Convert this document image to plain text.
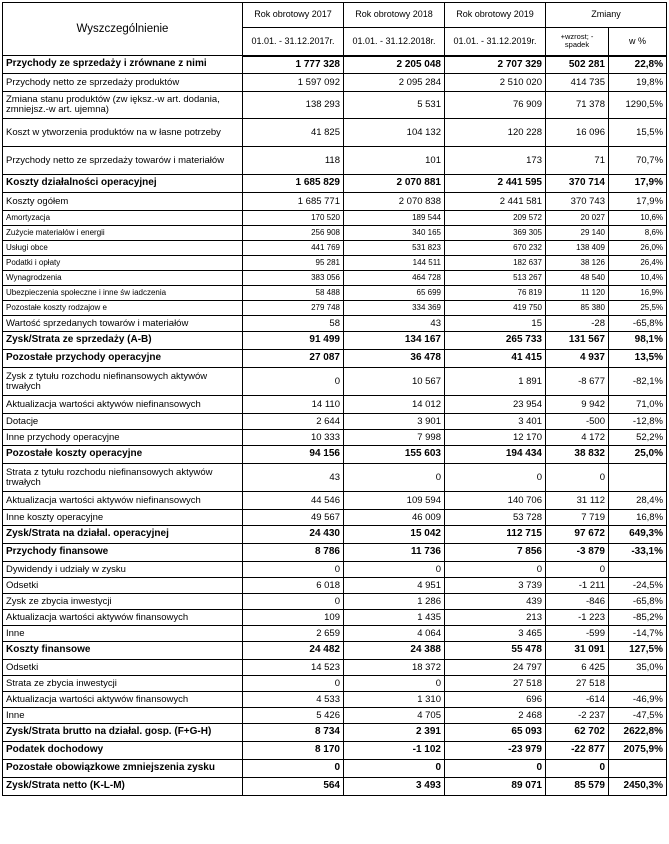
Wyszczególnienie	Rok obrotowy 2017	Rok obrotowy 2018	Rok obrotowy 2019	Zmiany	
	01.01. - 31.12.2017r.	01.01. - 31.12.2018r.	01.01. - 31.12.2019r.	+wzrost; -spadek	w %
Przychody ze sprzedaży i zrównane z nimi	1 777 328	2 205 048	2 707 329	502 281	22,8%
Przychody netto ze sprzedaży produktów	1 597 092	2 095 284	2 510 020	414 735	19,8%
Zmiana stanu produktów (zw iększ.-w art. dodania, zmniejsz.-w art. ujemna)	138 293	5 531	76 909	71 378	1290,5%
Koszt w ytworzenia produktów na w łasne potrzeby	41 825	104 132	120 228	16 096	15,5%
Przychody netto ze sprzedaży towarów i materiałów	118	101	173	71	70,7%
Koszty działalności operacyjnej	1 685 829	2 070 881	2 441 595	370 714	17,9%
Koszty ogółem	1 685 771	2 070 838	2 441 581	370 743	17,9%
Amortyzacja	170 520	189 544	209 572	20 027	10,6%
Zużycie materiałów i energii	256 908	340 165	369 305	29 140	8,6%
Usługi obce	441 769	531 823	670 232	138 409	26,0%
Podatki i opłaty	95 281	144 511	182 637	38 126	26,4%
Wynagrodzenia	383 056	464 728	513 267	48 540	10,4%
Ubezpieczenia społeczne i inne św iadczenia	58 488	65 699	76 819	11 120	16,9%
Pozostałe koszty rodzajow e	279 748	334 369	419 750	85 380	25,5%
Wartość sprzedanych towarów i materiałów	58	43	15	-28	-65,8%
Zysk/Strata ze sprzedaży (A-B)	91 499	134 167	265 733	131 567	98,1%
Pozostałe przychody operacyjne	27 087	36 478	41 415	4 937	13,5%
Zysk z tytułu rozchodu niefinansowych aktywów trwałych	0	10 567	1 891	-8 677	-82,1%
Aktualizacja wartości aktywów niefinansowych	14 110	14 012	23 954	9 942	71,0%
Dotacje	2 644	3 901	3 401	-500	-12,8%
Inne przychody operacyjne	10 333	7 998	12 170	4 172	52,2%
Pozostałe koszty operacyjne	94 156	155 603	194 434	38 832	25,0%
Strata z tytułu rozchodu niefinansowych aktywów trwałych	43	0	0	0	
Aktualizacja wartości aktywów niefinansowych	44 546	109 594	140 706	31 112	28,4%
Inne koszty operacyjne	49 567	46 009	53 728	7 719	16,8%
Zysk/Strata na działal. operacyjnej	24 430	15 042	112 715	97 672	649,3%
Przychody finansowe	8 786	11 736	7 856	-3 879	-33,1%
Dywidendy i udziały w zysku	0	0	0	0	
Odsetki	6 018	4 951	3 739	-1 211	-24,5%
Zysk ze zbycia inwestycji	0	1 286	439	-846	-65,8%
Aktualizacja wartości aktywów finansowych	109	1 435	213	-1 223	-85,2%
Inne	2 659	4 064	3 465	-599	-14,7%
Koszty finansowe	24 482	24 388	55 478	31 091	127,5%
Odsetki	14 523	18 372	24 797	6 425	35,0%
Strata ze zbycia inwestycji	0	0	27 518	27 518	
Aktualizacja wartości aktywów finansowych	4 533	1 310	696	-614	-46,9%
Inne	5 426	4 705	2 468	-2 237	-47,5%
Zysk/Strata brutto na działal. gosp. (F+G-H)	8 734	2 391	65 093	62 702	2622,8%
Podatek dochodowy	8 170	-1 102	-23 979	-22 877	2075,9%
Pozostałe obowiązkowe zmniejszenia zysku	0	0	0	0	
Zysk/Strata netto (K-L-M)	564	3 493	89 071	85 579	2450,3%
